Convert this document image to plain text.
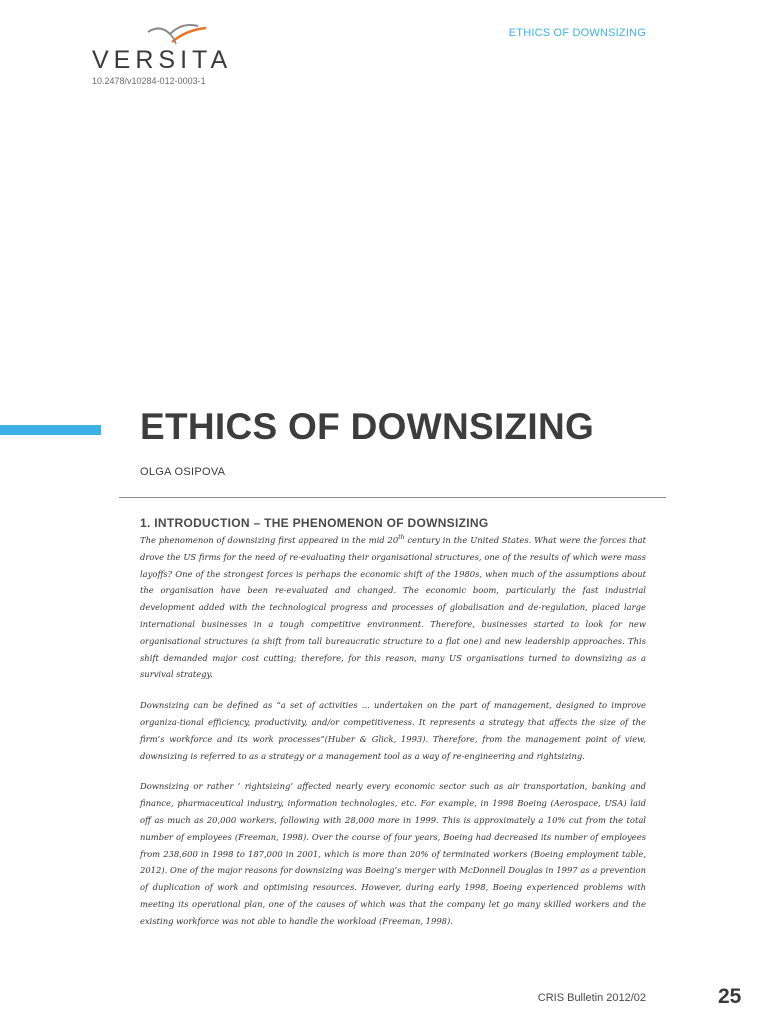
VERSITA
10.2478/v10284-012-0003-1
ETHICS OF DOWNSIZING
ETHICS OF DOWNSIZING
OLGA OSIPOVA
1. INTRODUCTION – THE PHENOMENON OF DOWNSIZING

The phenomenon of downsizing first appeared in the mid 20th century in the United States. What were the forces that drove the US firms for the need of re-evaluating their organisational structures, one of the results of which were mass layoffs? One of the strongest forces is perhaps the economic shift of the 1980s, when much of the assumptions about the organisation have been re-evaluated and changed. The economic boom, particularly the fast industrial development added with the technological progress and processes of globalisation and de-regulation, placed large international businesses in a tough competitive environment. Therefore, businesses started to look for new organisational structures (a shift from tall bureaucratic structure to a flat one) and new leadership approaches. This shift demanded major cost cutting; therefore, for this reason, many US organisations turned to downsizing as a survival strategy.

Downsizing can be defined as “a set of activities ... undertaken on the part of management, designed to improve organiza-tional efficiency, productivity, and/or competitiveness. It represents a strategy that affects the size of the firm’s workforce and its work processes”(Huber & Glick, 1993). Therefore, from the management point of view, downsizing is referred to as a strategy or a management tool as a way of re-engineering and rightsizing.

Downsizing or rather ‘ rightsizing’ affected nearly every economic sector such as air transportation, banking and finance, pharmaceutical industry, information technologies, etc. For example, in 1998 Boeing (Aerospace, USA) laid off as much as 20,000 workers, following with 28,000 more in 1999. This is approximately a 10% cut from the total number of employees (Freeman, 1998). Over the course of four years, Boeing had decreased its number of employees from 238,600 in 1998 to 187,000 in 2001, which is more than 20% of terminated workers (Boeing employment table, 2012). One of the major reasons for downsizing was Boeing’s merger with McDonnell Douglas in 1997 as a prevention of duplication of work and optimising resources. However, during early 1998, Boeing experienced problems with meeting its operational plan, one of the causes of which was that the company let go many skilled workers and the existing workforce was not able to handle the workload (Freeman, 1998).

CRIS Bulletin 2012/02	25
